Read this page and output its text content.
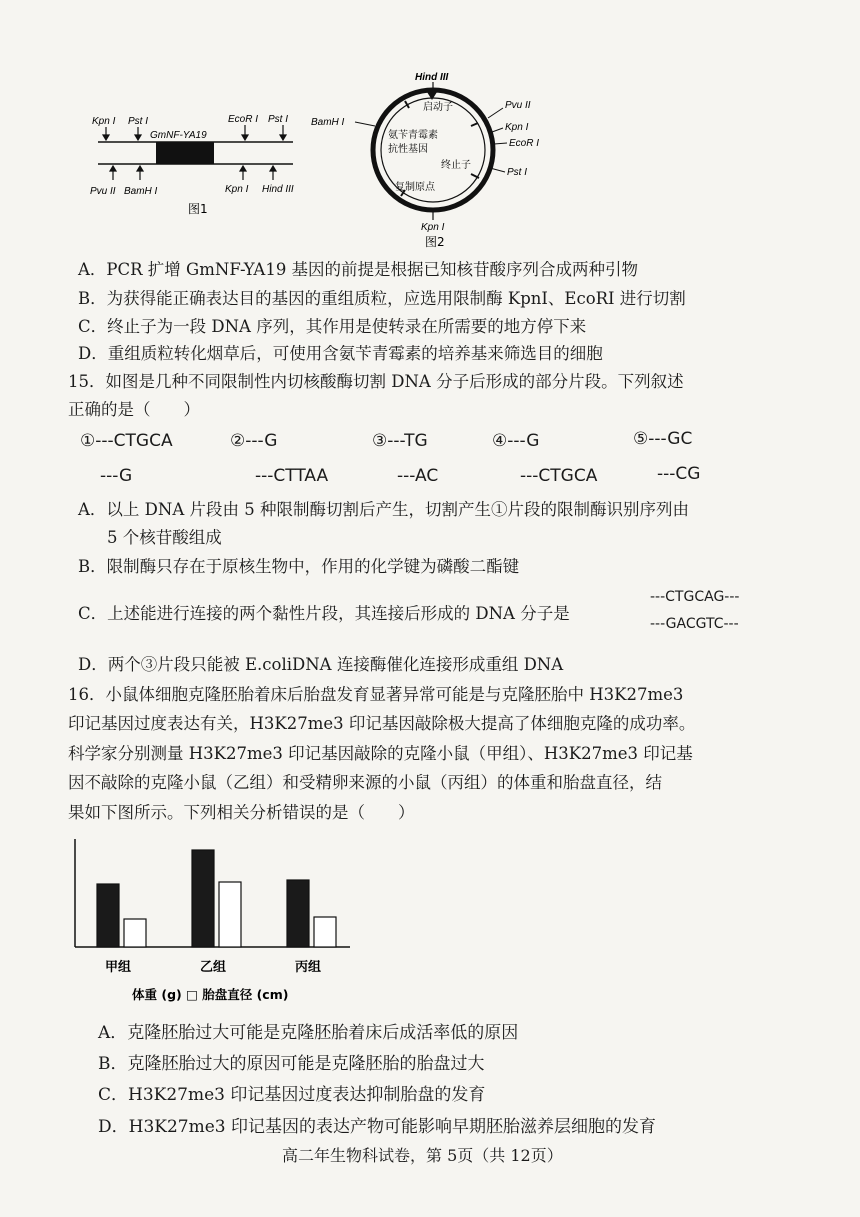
Kpn I Pst I	EcoR I Pst I
GmNF-YA19
Pvu II BamH I	Kpn I Hind III
图1
Hind III
启动子
氨苄青霉素
抗性基因
终止子
复制原点
BamH I
Pvu II
Kpn I
EcoR I
Pst I
Kpn I
图2
A．PCR 扩增 GmNF-YA19 基因的前提是根据已知核苷酸序列合成两种引物
B．为获得能正确表达目的基因的重组质粒，应选用限制酶 KpnI、EcoRI 进行切割
C．终止子为一段 DNA 序列，其作用是使转录在所需要的地方停下来
D．重组质粒转化烟草后，可使用含氨苄青霉素的培养基来筛选目的细胞
15．如图是几种不同限制性内切核酸酶切割 DNA 分子后形成的部分片段。下列叙述
正确的是（　　）
①---CTGCA
---G
②---G
---CTTAA
③---TG
---AC
④---G
---CTGCA
⑤---GC
---CG
A．以上 DNA 片段由 5 种限制酶切割后产生，切割产生①片段的限制酶识别序列由
5 个核苷酸组成
B．限制酶只存在于原核生物中，作用的化学键为磷酸二酯键
C．上述能进行连接的两个黏性片段，其连接后形成的 DNA 分子是
---CTGCAG---
---GACGTC---
D．两个③片段只能被 E.coliDNA 连接酶催化连接形成重组 DNA
16．小鼠体细胞克隆胚胎着床后胎盘发育显著异常可能是与克隆胚胎中 H3K27me3
印记基因过度表达有关，H3K27me3 印记基因敲除极大提高了体细胞克隆的成功率。
科学家分别测量 H3K27me3 印记基因敲除的克隆小鼠（甲组）、H3K27me3 印记基
因不敲除的克隆小鼠（乙组）和受精卵来源的小鼠（丙组）的体重和胎盘直径，结
果如下图所示。下列相关分析错误的是（　　）
甲组	乙组	丙组
体重 (g) □ 胎盘直径 (cm)
A．克隆胚胎过大可能是克隆胚胎着床后成活率低的原因
B．克隆胚胎过大的原因可能是克隆胚胎的胎盘过大
C．H3K27me3 印记基因过度表达抑制胎盘的发育
D．H3K27me3 印记基因的表达产物可能影响早期胚胎滋养层细胞的发育
高二年生物科试卷，第 5页（共 12页）
